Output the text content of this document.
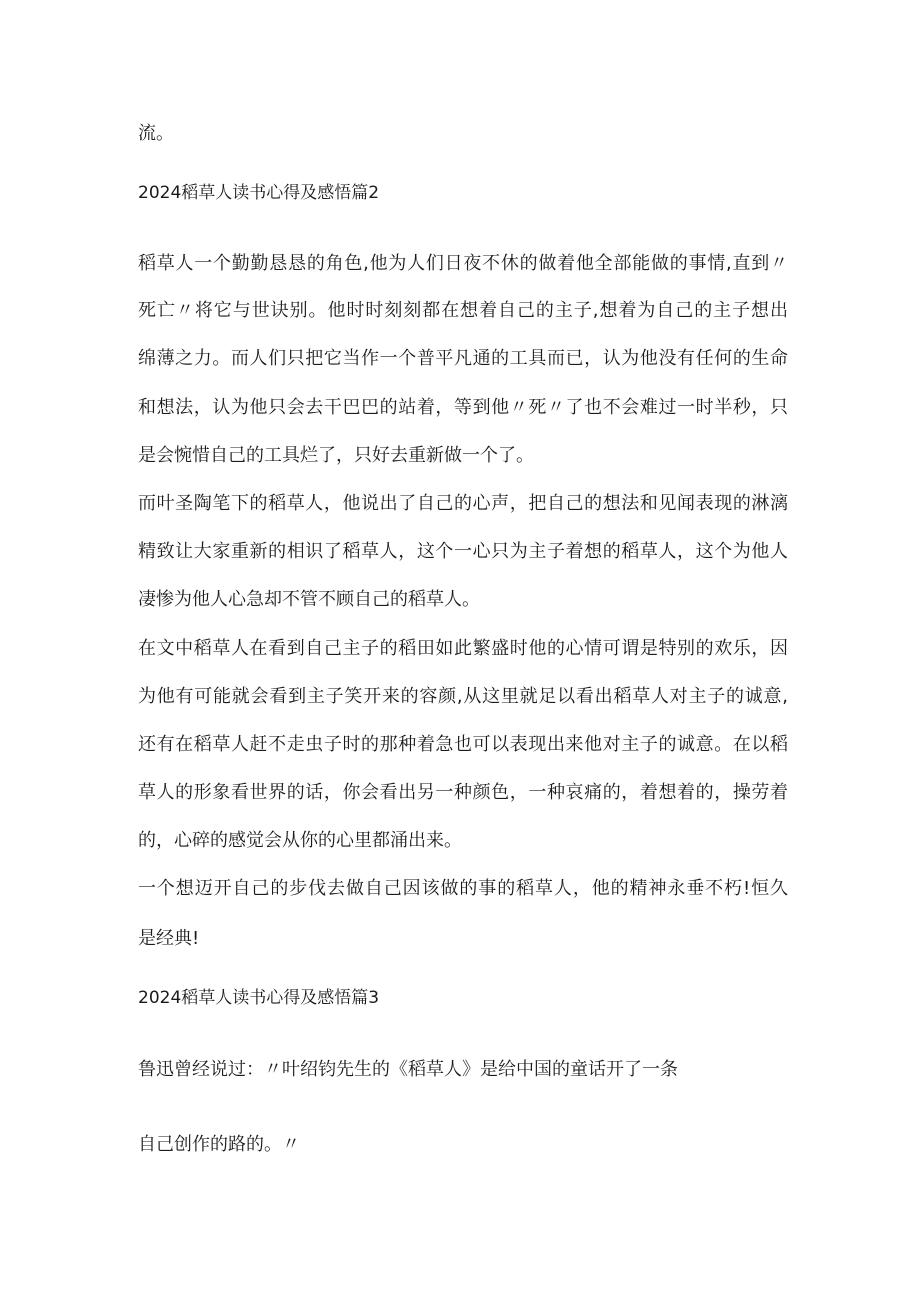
流。
2024稻草人读书心得及感悟篇2
稻草人一个勤勤恳恳的角色,他为人们日夜不休的做着他全部能做的事情,直到〃
死亡〃将它与世诀别。他时时刻刻都在想着自己的主子,想着为自己的主子想出
绵薄之力。而人们只把它当作一个普平凡通的工具而已，认为他没有任何的生命
和想法，认为他只会去干巴巴的站着，等到他〃死〃了也不会难过一时半秒，只
是会惋惜自己的工具烂了，只好去重新做一个了。
而叶圣陶笔下的稻草人，他说出了自己的心声，把自己的想法和见闻表现的淋漓
精致让大家重新的相识了稻草人，这个一心只为主子着想的稻草人，这个为他人
凄惨为他人心急却不管不顾自己的稻草人。
在文中稻草人在看到自己主子的稻田如此繁盛时他的心情可谓是特别的欢乐，因
为他有可能就会看到主子笑开来的容颜,从这里就足以看出稻草人对主子的诚意,
还有在稻草人赶不走虫子时的那种着急也可以表现出来他对主子的诚意。在以稻
草人的形象看世界的话，你会看出另一种颜色，一种哀痛的，着想着的，操劳着
的，心碎的感觉会从你的心里都涌出来。
一个想迈开自己的步伐去做自己因该做的事的稻草人，他的精神永垂不朽!恒久
是经典!
2024稻草人读书心得及感悟篇3
鲁迅曾经说过：〃叶绍钧先生的《稻草人》是给中国的童话开了一条
自己创作的路的。〃
